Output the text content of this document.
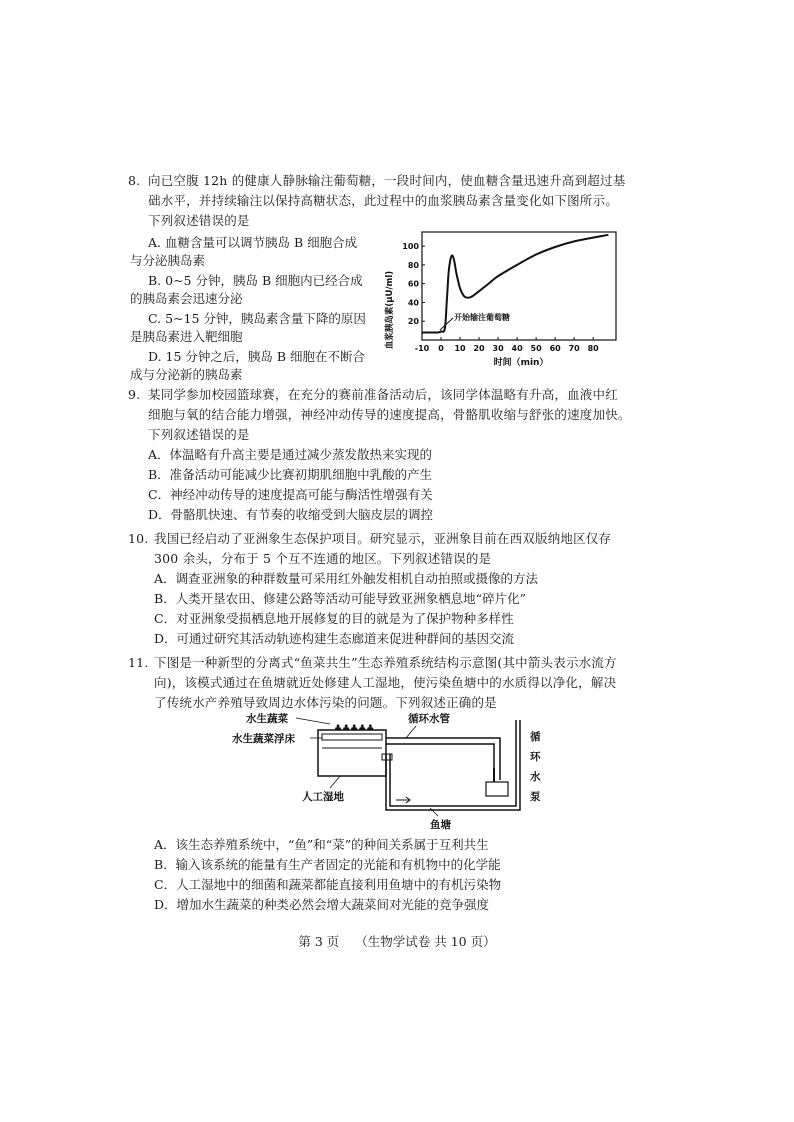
8. 向已空腹 12h 的健康人静脉输注葡萄糖，一段时间内，使血糖含量迅速升高到超过基
础水平，并持续输注以保持高糖状态，此过程中的血浆胰岛素含量变化如下图所示。
下列叙述错误的是
A. 血糖含量可以调节胰岛 B 细胞合成
与分泌胰岛素
B. 0~5 分钟，胰岛 B 细胞内已经合成
的胰岛素会迅速分泌
C. 5~15 分钟，胰岛素含量下降的原因
是胰岛素进入靶细胞
D. 15 分钟之后，胰岛 B 细胞在不断合
成与分泌新的胰岛素
-10 0 10 20 30 40 50 60 70 80
20
40
60
80
100
血浆胰岛素(μU/ml)
时间（min）
开始输注葡萄糖
9. 某同学参加校园篮球赛，在充分的赛前准备活动后，该同学体温略有升高，血液中红
细胞与氧的结合能力增强，神经冲动传导的速度提高，骨骼肌收缩与舒张的速度加快。
下列叙述错误的是
A．体温略有升高主要是通过减少蒸发散热来实现的
B．准备活动可能减少比赛初期肌细胞中乳酸的产生
C．神经冲动传导的速度提高可能与酶活性增强有关
D．骨骼肌快速、有节奏的收缩受到大脑皮层的调控
10. 我国已经启动了亚洲象生态保护项目。研究显示，亚洲象目前在西双版纳地区仅存
300 余头，分布于 5 个互不连通的地区。下列叙述错误的是
A．调查亚洲象的种群数量可采用红外触发相机自动拍照或摄像的方法
B．人类开垦农田、修建公路等活动可能导致亚洲象栖息地“碎片化”
C．对亚洲象受损栖息地开展修复的目的就是为了保护物种多样性
D．可通过研究其活动轨迹构建生态廊道来促进种群间的基因交流
11. 下图是一种新型的分离式“鱼菜共生”生态养殖系统结构示意图(其中箭头表示水流方
向)，该模式通过在鱼塘就近处修建人工湿地，使污染鱼塘中的水质得以净化，解决
了传统水产养殖导致周边水体污染的问题。下列叙述正确的是
♣♣♣♣♣
水生蔬菜
水生蔬菜浮床
循环水管
人工湿地
鱼塘
循
环
水
泵
A．该生态养殖系统中，“鱼”和“菜”的种间关系属于互利共生
B．输入该系统的能量有生产者固定的光能和有机物中的化学能
C．人工湿地中的细菌和蔬菜都能直接利用鱼塘中的有机污染物
D．增加水生蔬菜的种类必然会增大蔬菜间对光能的竞争强度
第 3 页 （生物学试卷 共 10 页）
